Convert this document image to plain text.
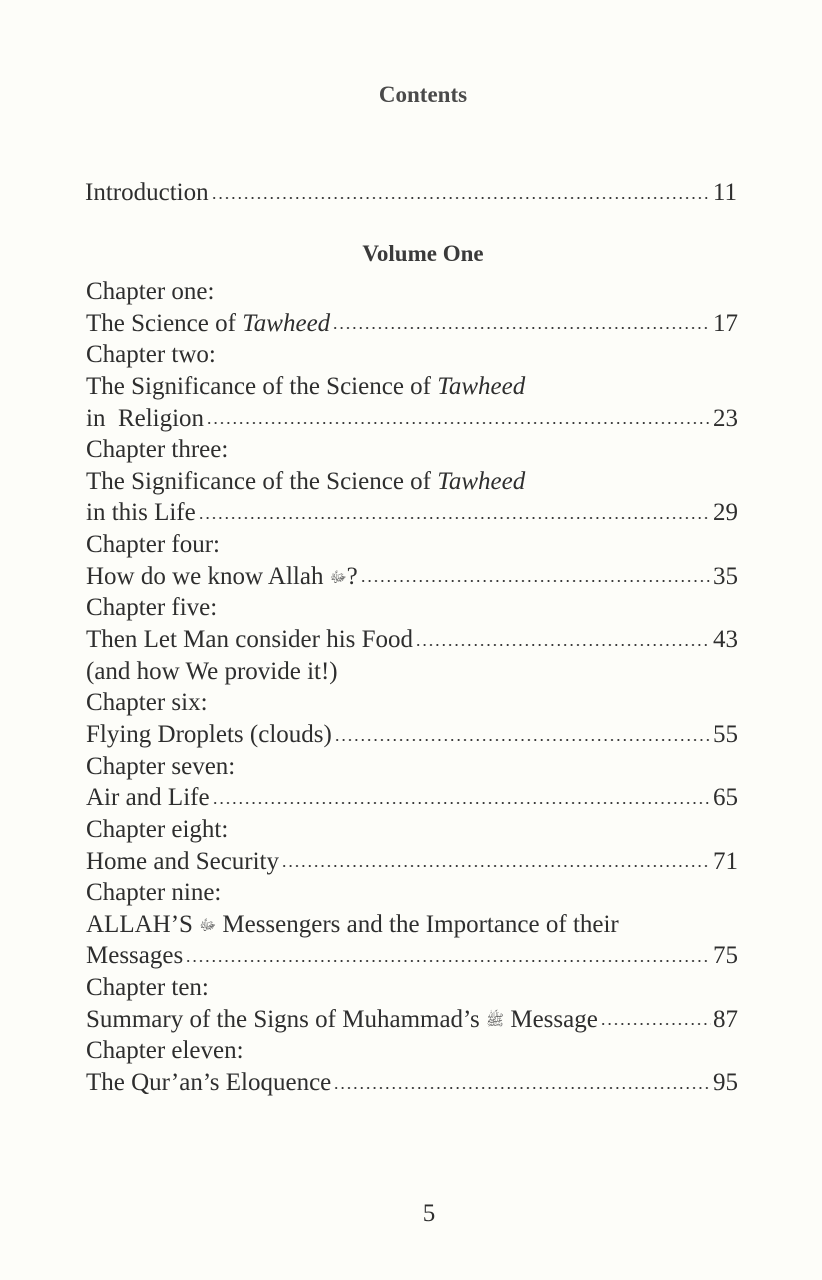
Contents
Introduction	11
Volume One
Chapter one:
The Science of Tawheed	17
Chapter two:
The Significance of the Science of Tawheed
in  Religion	23
Chapter three:
The Significance of the Science of Tawheed
in this Life	29
Chapter four:
How do we know Allah ﷻ?	35
Chapter five:
Then Let Man consider his Food	43
(and how We provide it!)
Chapter six:
Flying Droplets (clouds)	55
Chapter seven:
Air and Life	65
Chapter eight:
Home and Security	71
Chapter nine:
ALLAH’S ﷻ Messengers and the Importance of their
Messages	75
Chapter ten:
Summary of the Signs of Muhammad’s ﷺ Message	87
Chapter eleven:
The Qur’an’s Eloquence	95
5
